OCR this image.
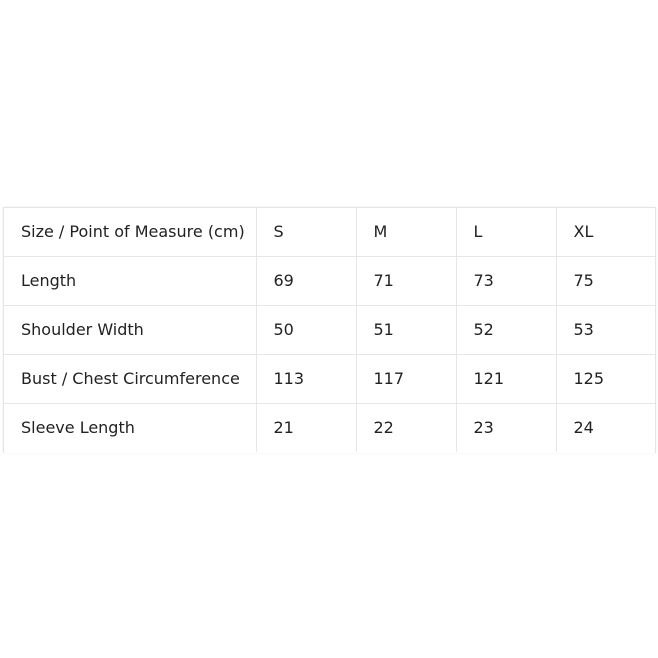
Size / Point of Measure (cm)	S	M	L	XL
Length	69	71	73	75
Shoulder Width	50	51	52	53
Bust / Chest Circumference	113	117	121	125
Sleeve Length	21	22	23	24
